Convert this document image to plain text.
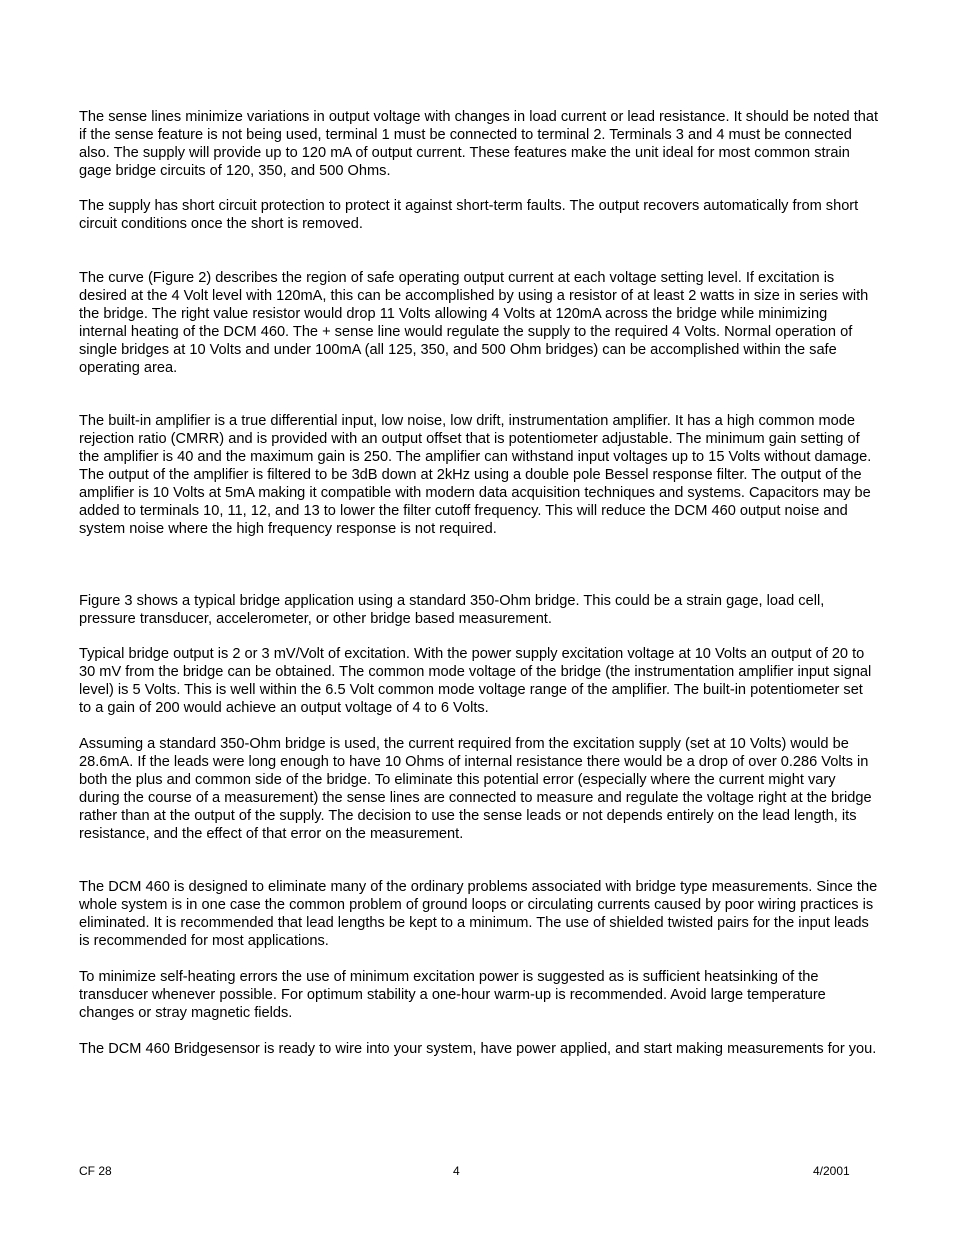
The sense lines minimize variations in output voltage with changes in load current or lead resistance. It should be noted that if the sense feature is not being used, terminal 1 must be connected to terminal 2. Terminals 3 and 4 must be connected also. The supply will provide up to 120 mA of output current. These features make the unit ideal for most common strain gage bridge circuits of 120, 350, and 500 Ohms.

The supply has short circuit protection to protect it against short-term faults. The output recovers automatically from short circuit conditions once the short is removed.

The curve (Figure 2) describes the region of safe operating output current at each voltage setting level. If excitation is desired at the 4 Volt level with 120mA, this can be accomplished by using a resistor of at least 2 watts in size in series with the bridge. The right value resistor would drop 11 Volts allowing 4 Volts at 120mA across the bridge while minimizing internal heating of the DCM 460. The + sense line would regulate the supply to the required 4 Volts. Normal operation of single bridges at 10 Volts and under 100mA (all 125, 350, and 500 Ohm bridges) can be accomplished within the safe operating area.

The built-in amplifier is a true differential input, low noise, low drift, instrumentation amplifier. It has a high common mode rejection ratio (CMRR) and is provided with an output offset that is potentiometer adjustable. The minimum gain setting of the amplifier is 40 and the maximum gain is 250. The amplifier can withstand input voltages up to 15 Volts without damage. The output of the amplifier is filtered to be 3dB down at 2kHz using a double pole Bessel response filter. The output of the amplifier is 10 Volts at 5mA making it compatible with modern data acquisition techniques and systems. Capacitors may be added to terminals 10, 11, 12, and 13 to lower the filter cutoff frequency. This will reduce the DCM 460 output noise and system noise where the high frequency response is not required.

Figure 3 shows a typical bridge application using a standard 350-Ohm bridge. This could be a strain gage, load cell, pressure transducer, accelerometer, or other bridge based measurement.

Typical bridge output is 2 or 3 mV/Volt of excitation. With the power supply excitation voltage at 10 Volts an output of 20 to 30 mV from the bridge can be obtained. The common mode voltage of the bridge (the instrumentation amplifier input signal level) is 5 Volts. This is well within the 6.5 Volt common mode voltage range of the amplifier. The built-in potentiometer set to a gain of 200 would achieve an output voltage of 4 to 6 Volts.

Assuming a standard 350-Ohm bridge is used, the current required from the excitation supply (set at 10 Volts) would be 28.6mA. If the leads were long enough to have 10 Ohms of internal resistance there would be a drop of over 0.286 Volts in both the plus and common side of the bridge. To eliminate this potential error (especially where the current might vary during the course of a measurement) the sense lines are connected to measure and regulate the voltage right at the bridge rather than at the output of the supply. The decision to use the sense leads or not depends entirely on the lead length, its resistance, and the effect of that error on the measurement.

The DCM 460 is designed to eliminate many of the ordinary problems associated with bridge type measurements. Since the whole system is in one case the common problem of ground loops or circulating currents caused by poor wiring practices is eliminated. It is recommended that lead lengths be kept to a minimum. The use of shielded twisted pairs for the input leads is recommended for most applications.

To minimize self-heating errors the use of minimum excitation power is suggested as is sufficient heatsinking of the transducer whenever possible. For optimum stability a one-hour warm-up is recommended. Avoid large temperature changes or stray magnetic fields.

The DCM 460 Bridgesensor is ready to wire into your system, have power applied, and start making measurements for you.

CF 28	4	4/2001
